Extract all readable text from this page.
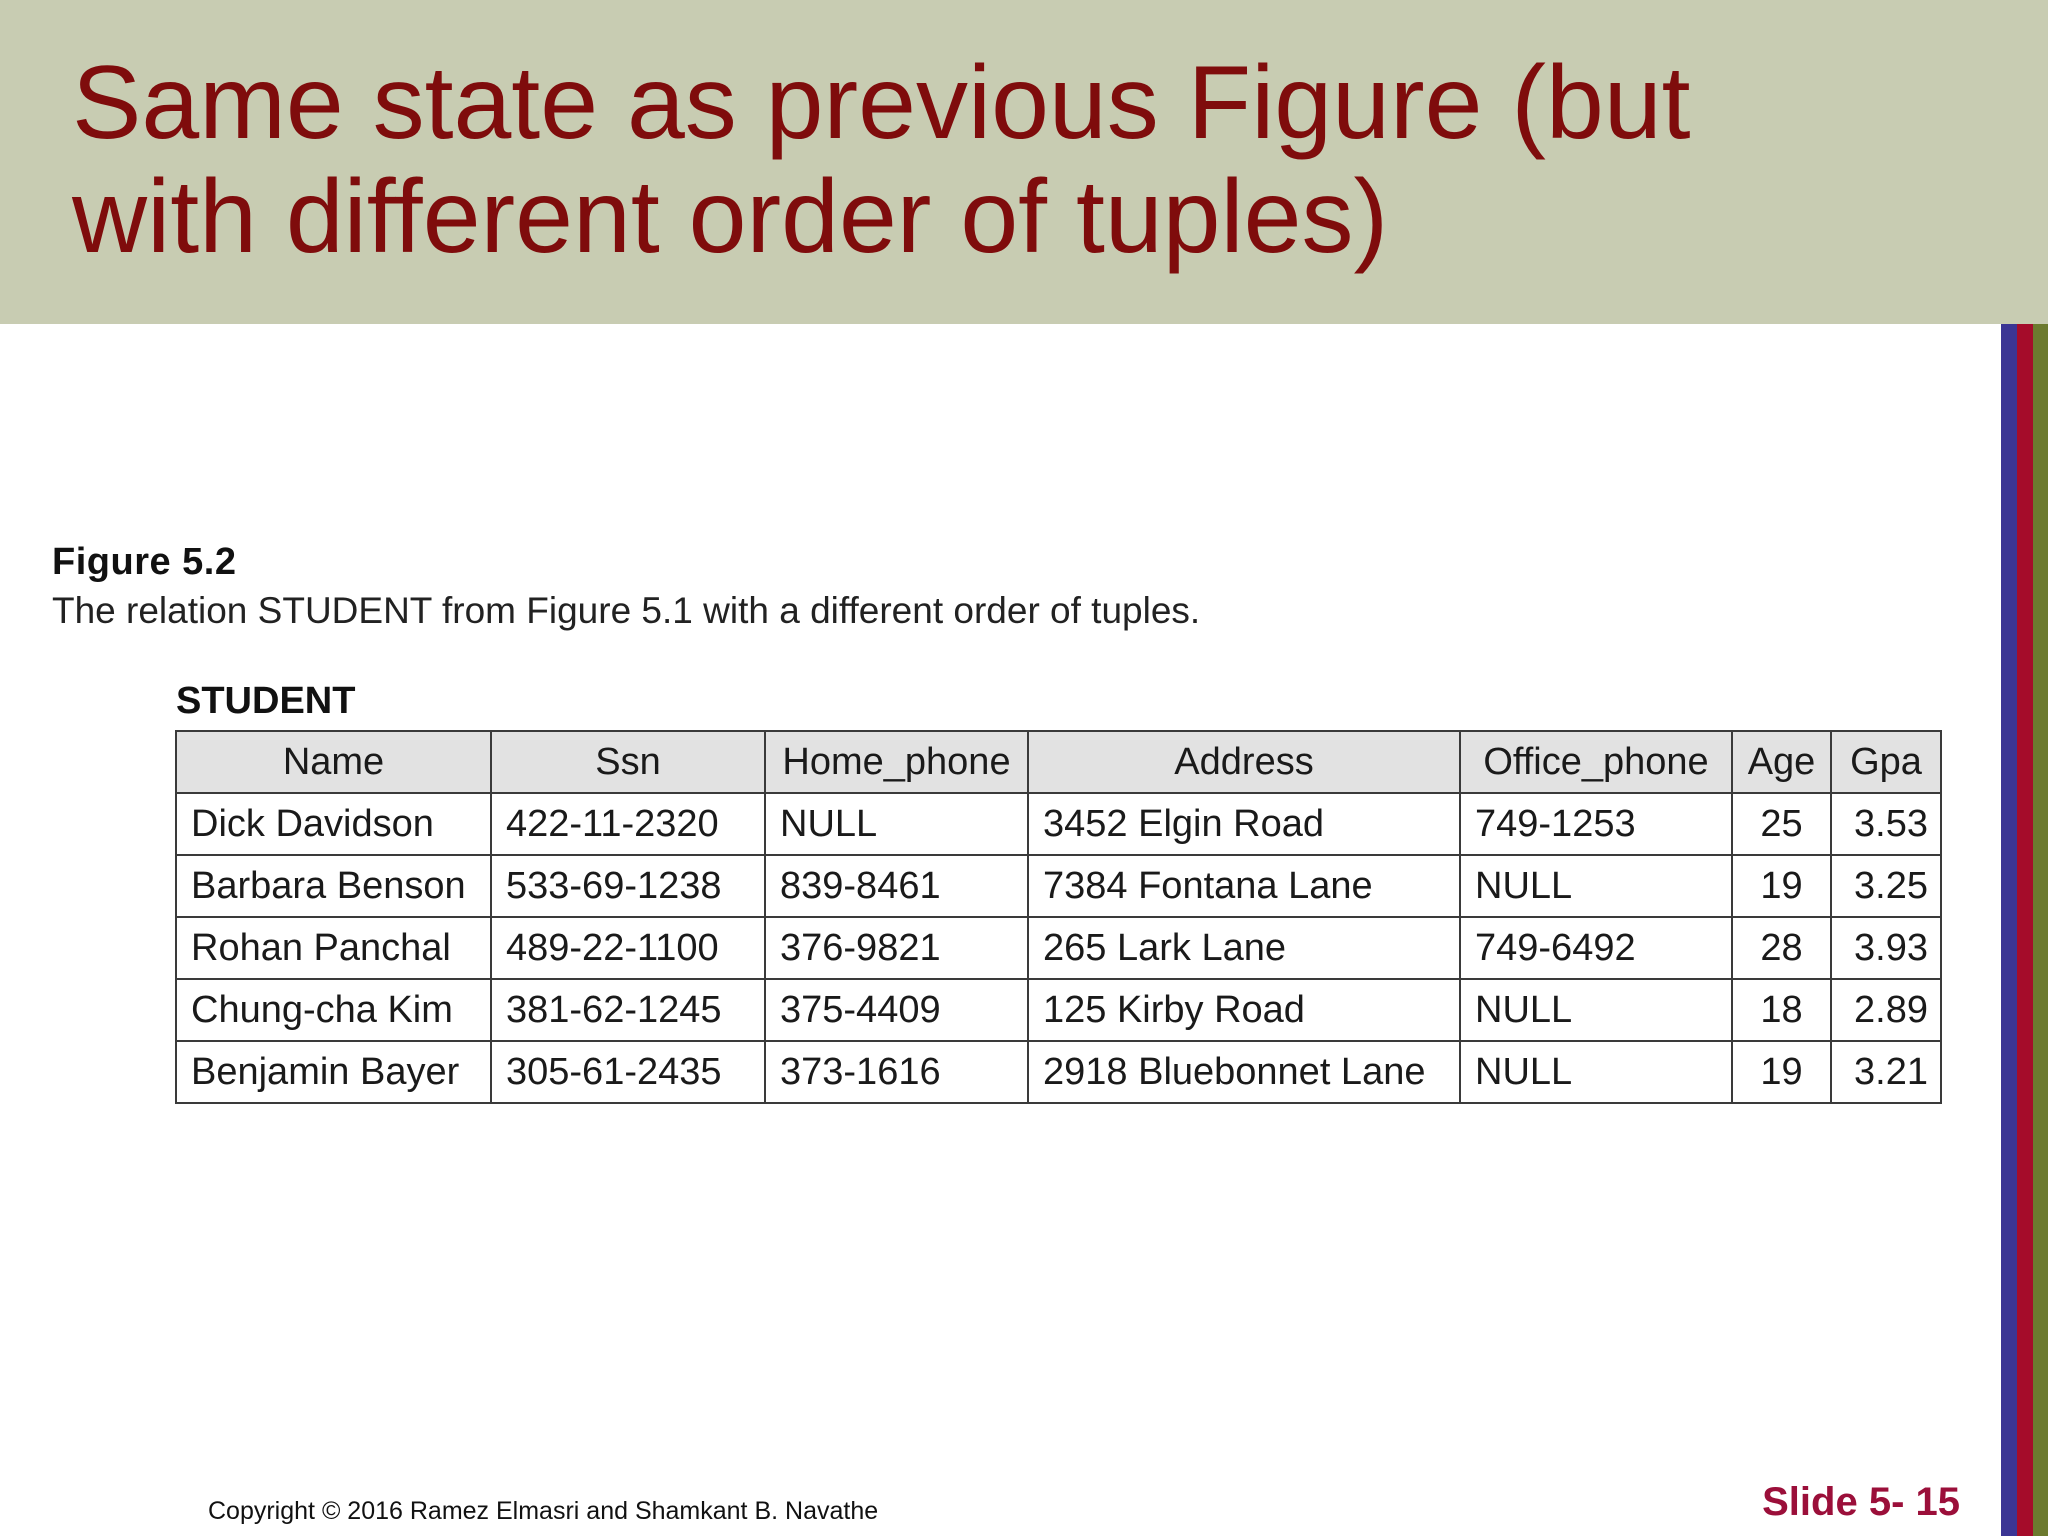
Same state as previous Figure (but
with different order of tuples)
Figure 5.2
The relation STUDENT from Figure 5.1 with a different order of tuples.
STUDENT
Name	Ssn	Home_phone	Address	Office_phone	Age	Gpa
Dick Davidson	422-11-2320	NULL	3452 Elgin Road	749-1253	25	3.53
Barbara Benson	533-69-1238	839-8461	7384 Fontana Lane	NULL	19	3.25
Rohan Panchal	489-22-1100	376-9821	265 Lark Lane	749-6492	28	3.93
Chung-cha Kim	381-62-1245	375-4409	125 Kirby Road	NULL	18	2.89
Benjamin Bayer	305-61-2435	373-1616	2918 Bluebonnet Lane	NULL	19	3.21
Copyright © 2016 Ramez Elmasri and Shamkant B. Navathe	Slide 5- 15
